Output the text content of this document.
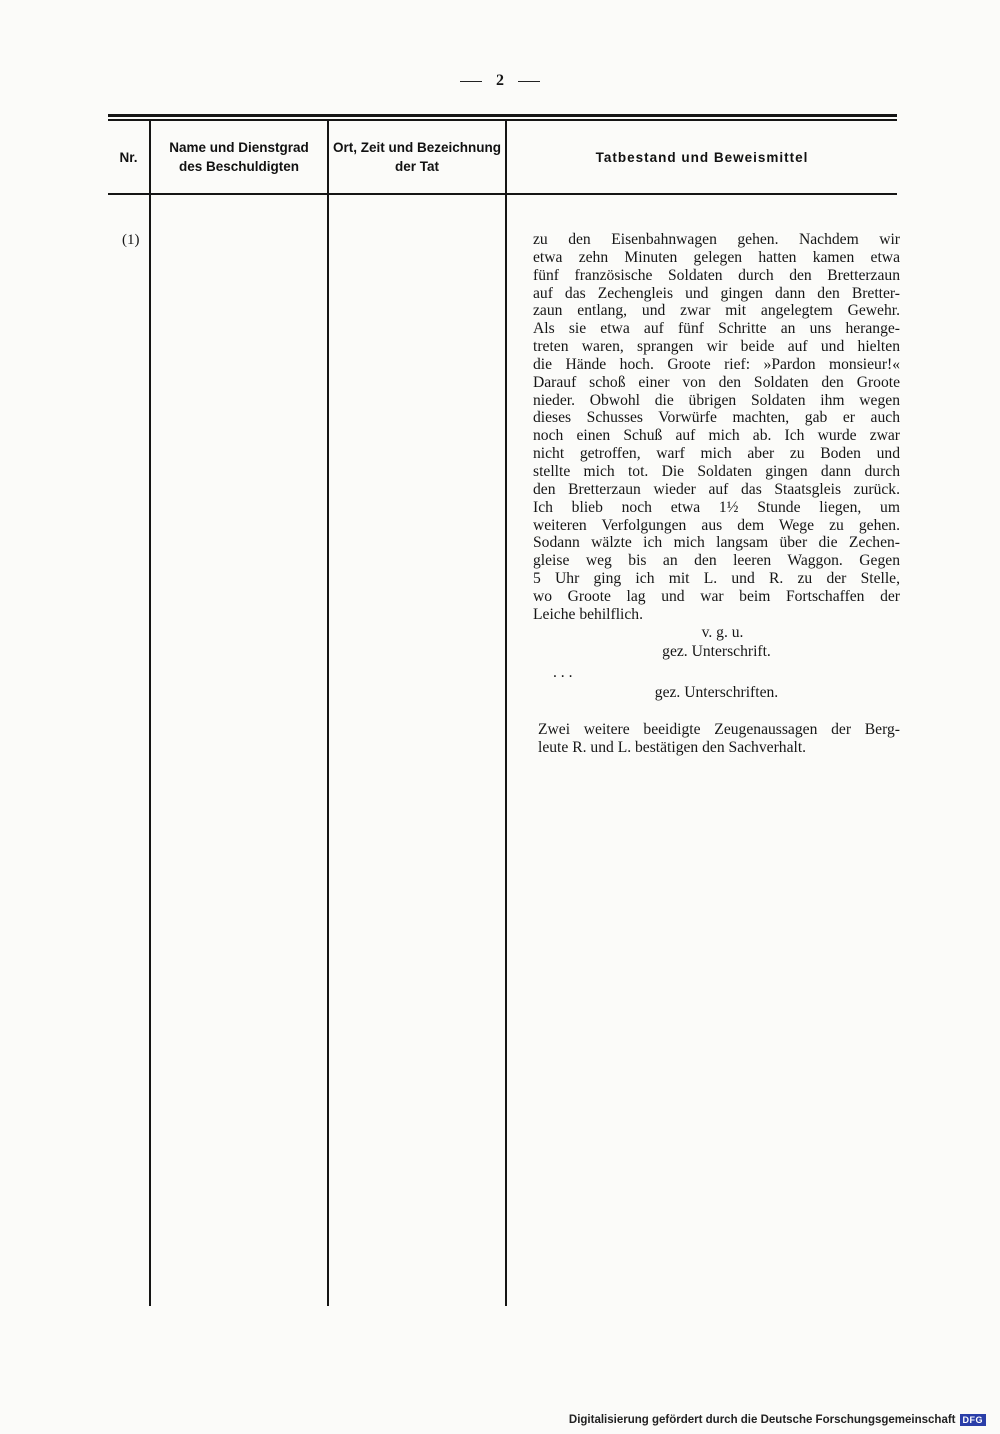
2
Nr.
Name und Dienstgrad
des Beschuldigten
Ort, Zeit und Bezeichnung
der Tat
Tatbestand und Beweismittel
(1)	zu den Eisenbahnwagen gehen. Nachdem wir
etwa zehn Minuten gelegen hatten kamen etwa
fünf französische Soldaten durch den Bretterzaun
auf das Zechengleis und gingen dann den Bretter-
zaun entlang, und zwar mit angelegtem Gewehr.
Als sie etwa auf fünf Schritte an uns herange-
treten waren, sprangen wir beide auf und hielten
die Hände hoch. Groote rief: »Pardon monsieur!«
Darauf schoß einer von den Soldaten den Groote
nieder. Obwohl die übrigen Soldaten ihm wegen
dieses Schusses Vorwürfe machten, gab er auch
noch einen Schuß auf mich ab. Ich wurde zwar
nicht getroffen, warf mich aber zu Boden und
stellte mich tot. Die Soldaten gingen dann durch
den Bretterzaun wieder auf das Staatsgleis zurück.
Ich blieb noch etwa 1½ Stunde liegen, um
weiteren Verfolgungen aus dem Wege zu gehen.
Sodann wälzte ich mich langsam über die Zechen-
gleise weg bis an den leeren Waggon. Gegen
5 Uhr ging ich mit L. und R. zu der Stelle,
wo Groote lag und war beim Fortschaffen der
Leiche behilflich.

v. g. u.

gez. Unterschrift.

. . .

gez. Unterschriften.

Zwei weitere beeidigte Zeugenaussagen der Berg-
leute R. und L. bestätigen den Sachverhalt.
Digitalisierung gefördert durch die Deutsche Forschungsgemeinschaft DFG
